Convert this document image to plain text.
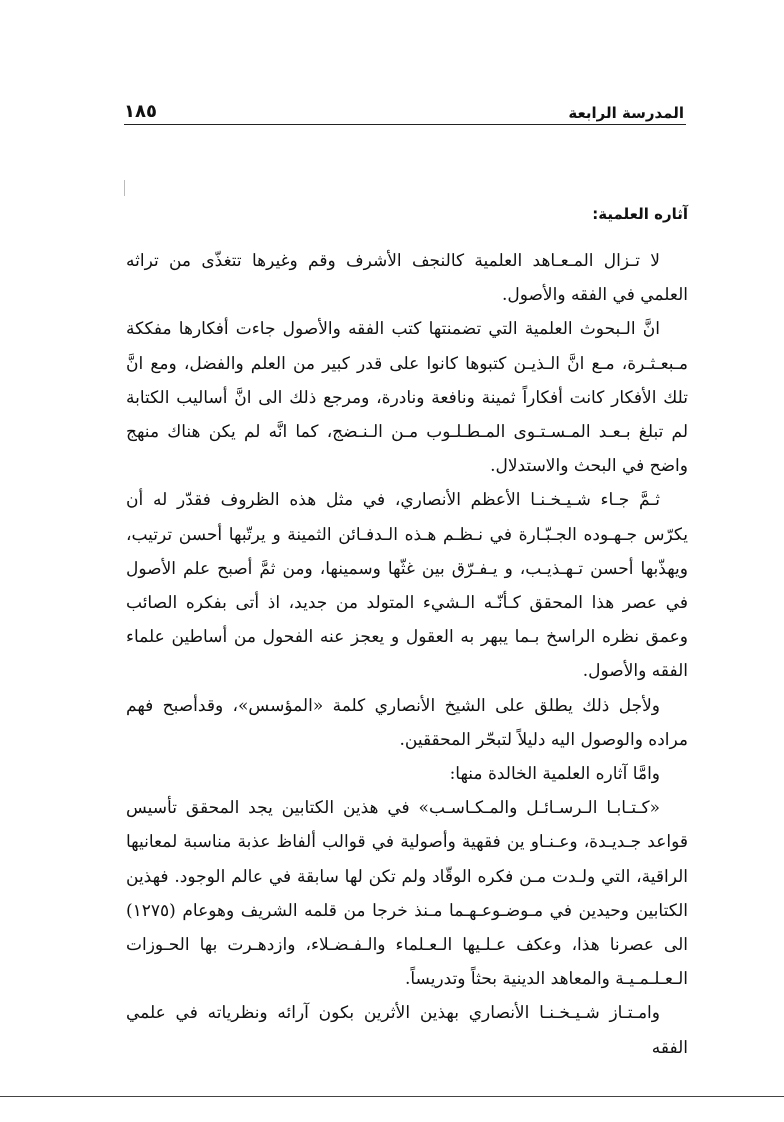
المدرسة الرابعة
١٨٥
آثاره العلمية:

لا تـزال المـعـاهد العلمية كالنجف الأشرف وقم وغيرها تتغذّى من تراثه العلمي في الفقه والأصول.

انَّ الـبحوث العلمية التي تضمنتها كتب الفقه والأصول جاءت أفكارها مفككة مـبعـثـرة، مـع انَّ الـذيـن كتبوها كانوا على قدر كبير من العلم والفضل، ومع انَّ تلك الأفكار كانت أفكاراً ثمينة ونافعة ونادرة، ومرجع ذلك الى انَّ أساليب الكتابة لم تبلغ بـعـد المـسـتـوى المـطـلـوب مـن الـنـضج، كما انَّه لم يكن هناك منهج واضح في البحث والاستدلال.

ثـمَّ جـاء شـيـخـنـا الأعظم الأنصاري، في مثل هذه الظروف فقدّر له أن يكرّس جـهـوده الجـبّـارة في نـظـم هـذه الـدفـائن الثمينة و يرتّبها أحسن ترتيب، ويهذّبها أحسن تـهـذيـب، و يـفـرّق بين غثّها وسمينها، ومن ثمَّ أصبح علم الأصول في عصر هذا المحقق كـأنّـه الـشيء المتولد من جديد، اذ أتى بفكره الصائب وعمق نظره الراسخ بـما يبهر به العقول و يعجز عنه الفحول من أساطين علماء الفقه والأصول.

ولأجل ذلك يطلق على الشيخ الأنصاري كلمة «المؤسس»، وقدأصبح فهم مراده والوصول اليه دليلاً لتبحّر المحققين.

وامَّا آثاره العلمية الخالدة منها:

«كـتـابـا الـرسـائـل والمـكـاسـب» في هذين الكتابين يجد المحقق تأسيس قواعد جـديـدة، وعـنـاو ين فقهية وأصولية في قوالب ألفاظ عذبة مناسبة لمعانيها الراقية، التي ولـدت مـن فكره الوقّاد ولم تكن لها سابقة في عالم الوجود. فهذين الكتابين وحيدين في مـوضـوعـهـما مـنذ خرجا من قلمه الشريف وهوعام (١٢٧٥) الى عصرنا هذا، وعكف عـلـيها الـعـلماء والـفـضـلاء، وازدهـرت بها الحـوزات الـعـلـمـيـة والمعاهد الدينية بحثاً وتدريساً.

وامـتـاز شـيـخـنـا الأنصاري بهذين الأثرين بكون آرائه ونظرياته في علمي الفقه
